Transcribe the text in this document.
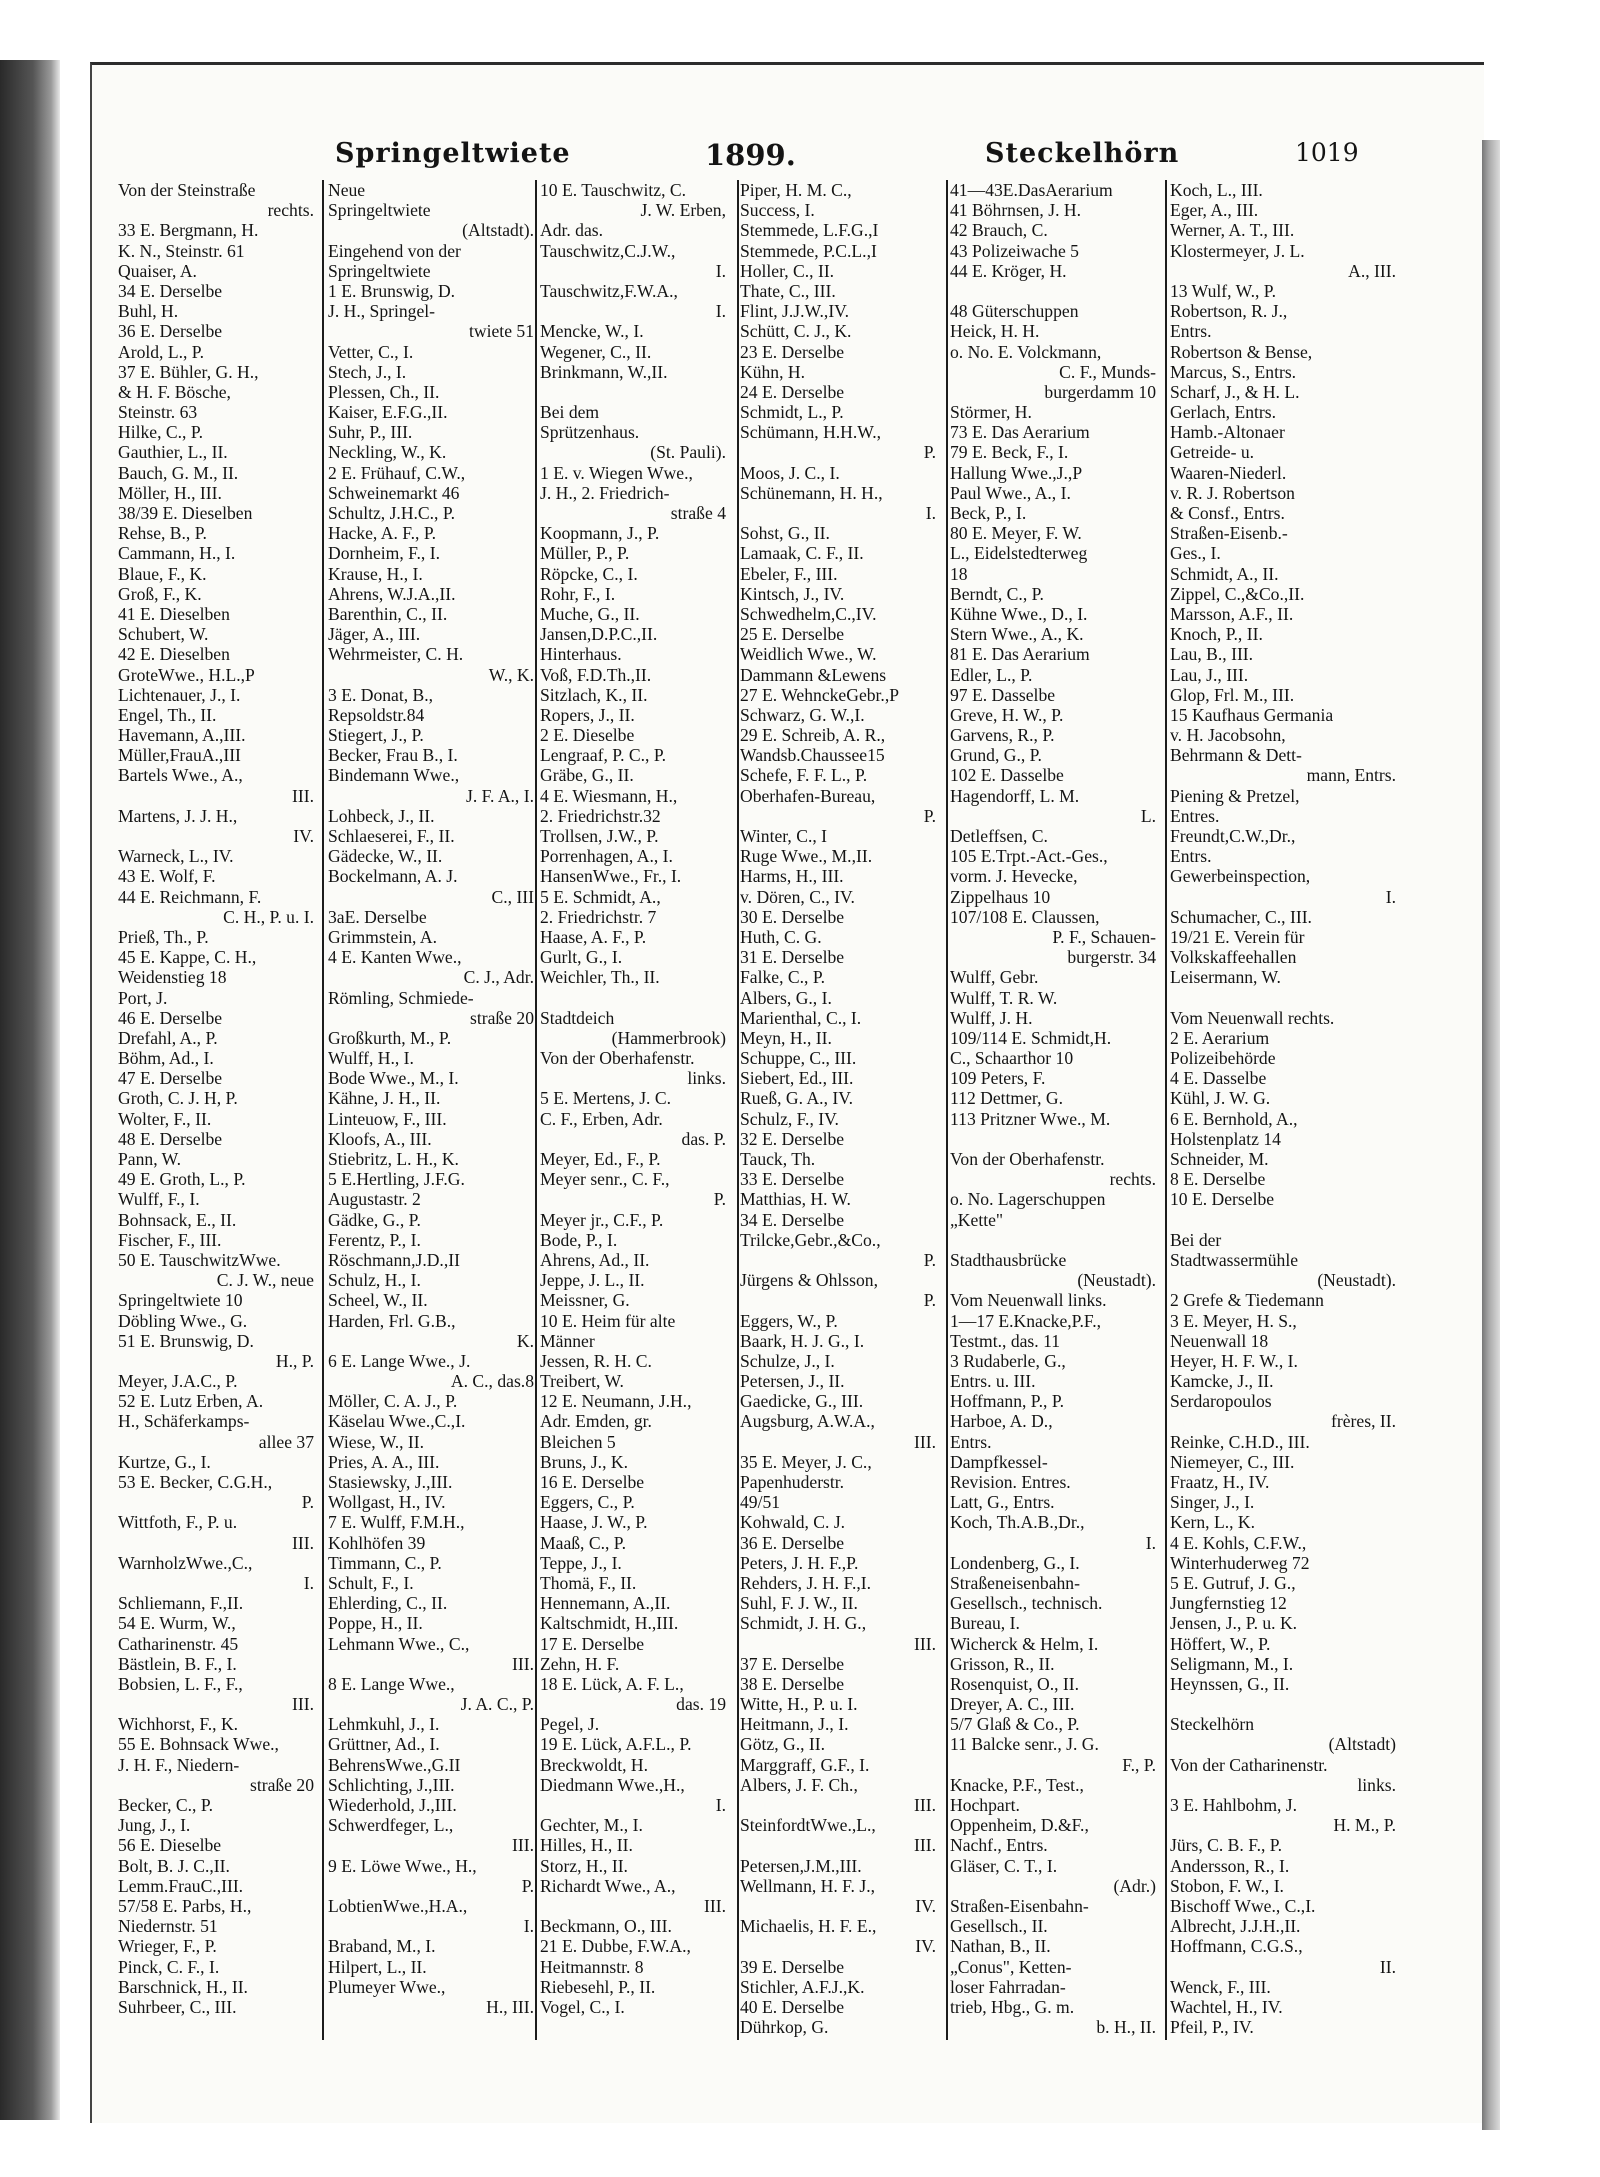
Springeltwiete	1899.	Steckelhörn	1019
Von der Steinstraße
rechts.
33 E. Bergmann, H.
K. N., Steinstr. 61
Quaiser, A.
34 E. Derselbe
Buhl, H.
36 E. Derselbe
Arold, L., P.
37 E. Bühler, G. H.,
& H. F. Bösche,
Steinstr. 63
Hilke, C., P.
Gauthier, L., II.
Bauch, G. M., II.
Möller, H., III.
38/39 E. Dieselben
Rehse, B., P.
Cammann, H., I.
Blaue, F., K.
Groß, F., K.
41 E. Dieselben
Schubert, W.
42 E. Dieselben
GroteWwe., H.L.,P
Lichtenauer, J., I.
Engel, Th., II.
Havemann, A.,III.
Müller,FrauA.,III
Bartels Wwe., A.,
III.
Martens, J. J. H.,
IV.
Warneck, L., IV.
43 E. Wolf, F.
44 E. Reichmann, F.
C. H., P. u. I.
Prieß, Th., P.
45 E. Kappe, C. H.,
Weidenstieg 18
Port, J.
46 E. Derselbe
Drefahl, A., P.
Böhm, Ad., I.
47 E. Derselbe
Groth, C. J. H, P.
Wolter, F., II.
48 E. Derselbe
Pann, W.
49 E. Groth, L., P.
Wulff, F., I.
Bohnsack, E., II.
Fischer, F., III.
50 E. TauschwitzWwe.
C. J. W., neue
Springeltwiete 10
Döbling Wwe., G.
51 E. Brunswig, D.
H., P.
Meyer, J.A.C., P.
52 E. Lutz Erben, A.
H., Schäferkamps-
allee 37
Kurtze, G., I.
53 E. Becker, C.G.H.,
P.
Wittfoth, F., P. u.
III.
WarnholzWwe.,C.,
I.
Schliemann, F.,II.
54 E. Wurm, W.,
Catharinenstr. 45
Bästlein, B. F., I.
Bobsien, L. F., F.,
III.
Wichhorst, F., K.
55 E. Bohnsack Wwe.,
J. H. F., Niedern-
straße 20
Becker, C., P.
Jung, J., I.
56 E. Dieselbe
Bolt, B. J. C.,II.
Lemm.FrauC.,III.
57/58 E. Parbs, H.,
Niedernstr. 51
Wrieger, F., P.
Pinck, C. F., I.
Barschnick, H., II.
Suhrbeer, C., III.
Neue
Springeltwiete
(Altstadt).
Eingehend von der
Springeltwiete
1 E. Brunswig, D.
J. H., Springel-
twiete 51
Vetter, C., I.
Stech, J., I.
Plessen, Ch., II.
Kaiser, E.F.G.,II.
Suhr, P., III.
Neckling, W., K.
2 E. Frühauf, C.W.,
Schweinemarkt 46
Schultz, J.H.C., P.
Hacke, A. F., P.
Dornheim, F., I.
Krause, H., I.
Ahrens, W.J.A.,II.
Barenthin, C., II.
Jäger, A., III.
Wehrmeister, C. H.
W., K.
3 E. Donat, B.,
Repsoldstr.84
Stiegert, J., P.
Becker, Frau B., I.
Bindemann Wwe.,
J. F. A., I.
Lohbeck, J., II.
Schlaeserei, F., II.
Gädecke, W., II.
Bockelmann, A. J.
C., III
3aE. Derselbe
Grimmstein, A.
4 E. Kanten Wwe.,
C. J., Adr.
Römling, Schmiede-
straße 20
Großkurth, M., P.
Wulff, H., I.
Bode Wwe., M., I.
Kähne, J. H., II.
Linteuow, F., III.
Kloofs, A., III.
Stiebritz, L. H., K.
5 E.Hertling, J.F.G.
Augustastr. 2
Gädke, G., P.
Ferentz, P., I.
Röschmann,J.D.,II
Schulz, H., I.
Scheel, W., II.
Harden, Frl. G.B.,
K.
6 E. Lange Wwe., J.
A. C., das.8
Möller, C. A. J., P.
Käselau Wwe.,C.,I.
Wiese, W., II.
Pries, A. A., III.
Stasiewsky, J.,III.
Wollgast, H., IV.
7 E. Wulff, F.M.H.,
Kohlhöfen 39
Timmann, C., P.
Schult, F., I.
Ehlerding, C., II.
Poppe, H., II.
Lehmann Wwe., C.,
III.
8 E. Lange Wwe.,
J. A. C., P.
Lehmkuhl, J., I.
Grüttner, Ad., I.
BehrensWwe.,G.II
Schlichting, J.,III.
Wiederhold, J.,III.
Schwerdfeger, L.,
III.
9 E. Löwe Wwe., H.,
P.
LobtienWwe.,H.A.,
I.
Braband, M., I.
Hilpert, L., II.
Plumeyer Wwe.,
H., III.
10 E. Tauschwitz, C.
J. W. Erben,
Adr. das.
Tauschwitz,C.J.W.,
I.
Tauschwitz,F.W.A.,
I.
Mencke, W., I.
Wegener, C., II.
Brinkmann, W.,II.
Bei dem
Sprützenhaus.
(St. Pauli).
1 E. v. Wiegen Wwe.,
J. H., 2. Friedrich-
straße 4
Koopmann, J., P.
Müller, P., P.
Röpcke, C., I.
Rohr, F., I.
Muche, G., II.
Jansen,D.P.C.,II.
Hinterhaus.
Voß, F.D.Th.,II.
Sitzlach, K., II.
Ropers, J., II.
2 E. Dieselbe
Lengraaf, P. C., P.
Gräbe, G., II.
4 E. Wiesmann, H.,
2. Friedrichstr.32
Trollsen, J.W., P.
Porrenhagen, A., I.
HansenWwe., Fr., I.
5 E. Schmidt, A.,
2. Friedrichstr. 7
Haase, A. F., P.
Gurlt, G., I.
Weichler, Th., II.
Stadtdeich
(Hammerbrook)
Von der Oberhafenstr.
links.
5 E. Mertens, J. C.
C. F., Erben, Adr.
das. P.
Meyer, Ed., F., P.
Meyer senr., C. F.,
P.
Meyer jr., C.F., P.
Bode, P., I.
Ahrens, Ad., II.
Jeppe, J. L., II.
Meissner, G.
10 E. Heim für alte
Männer
Jessen, R. H. C.
Treibert, W.
12 E. Neumann, J.H.,
Adr. Emden, gr.
Bleichen 5
Bruns, J., K.
16 E. Derselbe
Eggers, C., P.
Haase, J. W., P.
Maaß, C., P.
Teppe, J., I.
Thomä, F., II.
Hennemann, A.,II.
Kaltschmidt, H.,III.
17 E. Derselbe
Zehn, H. F.
18 E. Lück, A. F. L.,
das. 19
Pegel, J.
19 E. Lück, A.F.L., P.
Breckwoldt, H.
Diedmann Wwe.,H.,
I.
Gechter, M., I.
Hilles, H., II.
Storz, H., II.
Richardt Wwe., A.,
III.
Beckmann, O., III.
21 E. Dubbe, F.W.A.,
Heitmannstr. 8
Riebesehl, P., II.
Vogel, C., I.
Piper, H. M. C.,
Success, I.
Stemmede, L.F.G.,I
Stemmede, P.C.L.,I
Holler, C., II.
Thate, C., III.
Flint, J.J.W.,IV.
Schütt, C. J., K.
23 E. Derselbe
Kühn, H.
24 E. Derselbe
Schmidt, L., P.
Schümann, H.H.W.,
P.
Moos, J. C., I.
Schünemann, H. H.,
I.
Sohst, G., II.
Lamaak, C. F., II.
Ebeler, F., III.
Kintsch, J., IV.
Schwedhelm,C.,IV.
25 E. Derselbe
Weidlich Wwe., W.
Dammann &Lewens
27 E. WehnckeGebr.,P
Schwarz, G. W.,I.
29 E. Schreib, A. R.,
Wandsb.Chaussee15
Schefe, F. F. L., P.
Oberhafen-Bureau,
P.
Winter, C., I
Ruge Wwe., M.,II.
Harms, H., III.
v. Dören, C., IV.
30 E. Derselbe
Huth, C. G.
31 E. Derselbe
Falke, C., P.
Albers, G., I.
Marienthal, C., I.
Meyn, H., II.
Schuppe, C., III.
Siebert, Ed., III.
Rueß, G. A., IV.
Schulz, F., IV.
32 E. Derselbe
Tauck, Th.
33 E. Derselbe
Matthias, H. W.
34 E. Derselbe
Trilcke,Gebr.,&Co.,
P.
Jürgens & Ohlsson,
P.
Eggers, W., P.
Baark, H. J. G., I.
Schulze, J., I.
Petersen, J., II.
Gaedicke, G., III.
Augsburg, A.W.A.,
III.
35 E. Meyer, J. C.,
Papenhuderstr.
49/51
Kohwald, C. J.
36 E. Derselbe
Peters, J. H. F.,P.
Rehders, J. H. F.,I.
Suhl, F. J. W., II.
Schmidt, J. H. G.,
III.
37 E. Derselbe
38 E. Derselbe
Witte, H., P. u. I.
Heitmann, J., I.
Götz, G., II.
Marggraff, G.F., I.
Albers, J. F. Ch.,
III.
SteinfordtWwe.,L.,
III.
Petersen,J.M.,III.
Wellmann, H. F. J.,
IV.
Michaelis, H. F. E.,
IV.
39 E. Derselbe
Stichler, A.F.J.,K.
40 E. Derselbe
Dührkop, G.
41—43E.DasAerarium
41 Böhrnsen, J. H.
42 Brauch, C.
43 Polizeiwache 5
44 E. Kröger, H.
48 Güterschuppen
Heick, H. H.
o. No. E. Volckmann,
C. F., Munds-
burgerdamm 10
Störmer, H.
73 E. Das Aerarium
79 E. Beck, F., I.
Hallung Wwe.,J.,P
Paul Wwe., A., I.
Beck, P., I.
80 E. Meyer, F. W.
L., Eidelstedterweg
18
Berndt, C., P.
Kühne Wwe., D., I.
Stern Wwe., A., K.
81 E. Das Aerarium
Edler, L., P.
97 E. Dasselbe
Greve, H. W., P.
Garvens, R., P.
Grund, G., P.
102 E. Dasselbe
Hagendorff, L. M.
L.
Detleffsen, C.
105 E.Trpt.-Act.-Ges.,
vorm. J. Hevecke,
Zippelhaus 10
107/108 E. Claussen,
P. F., Schauen-
burgerstr. 34
Wulff, Gebr.
Wulff, T. R. W.
Wulff, J. H.
109/114 E. Schmidt,H.
C., Schaarthor 10
109 Peters, F.
112 Dettmer, G.
113 Pritzner Wwe., M.
Von der Oberhafenstr.
rechts.
o. No. Lagerschuppen
„Kette"
Stadthausbrücke
(Neustadt).
Vom Neuenwall links.
1—17 E.Knacke,P.F.,
Testmt., das. 11
3 Rudaberle, G.,
Entrs. u. III.
Hoffmann, P., P.
Harboe, A. D.,
Entrs.
Dampfkessel-
Revision. Entres.
Latt, G., Entrs.
Koch, Th.A.B.,Dr.,
I.
Londenberg, G., I.
Straßeneisenbahn-
Gesellsch., technisch.
Bureau, I.
Wicherck & Helm, I.
Grisson, R., II.
Rosenquist, O., II.
Dreyer, A. C., III.
5/7 Glaß & Co., P.
11 Balcke senr., J. G.
F., P.
Knacke, P.F., Test.,
Hochpart.
Oppenheim, D.&F.,
Nachf., Entrs.
Gläser, C. T., I.
(Adr.)
Straßen-Eisenbahn-
Gesellsch., II.
Nathan, B., II.
„Conus", Ketten-
loser Fahrradan-
trieb, Hbg., G. m.
b. H., II.
Koch, L., III.
Eger, A., III.
Werner, A. T., III.
Klostermeyer, J. L.
A., III.
13 Wulf, W., P.
Robertson, R. J.,
Entrs.
Robertson & Bense,
Marcus, S., Entrs.
Scharf, J., & H. L.
Gerlach, Entrs.
Hamb.-Altonaer
Getreide- u.
Waaren-Niederl.
v. R. J. Robertson
& Consf., Entrs.
Straßen-Eisenb.-
Ges., I.
Schmidt, A., II.
Zippel, C.,&Co.,II.
Marsson, A.F., II.
Knoch, P., II.
Lau, B., III.
Lau, J., III.
Glop, Frl. M., III.
15 Kaufhaus Germania
v. H. Jacobsohn,
Behrmann & Dett-
mann, Entrs.
Piening & Pretzel,
Entres.
Freundt,C.W.,Dr.,
Entrs.
Gewerbeinspection,
I.
Schumacher, C., III.
19/21 E. Verein für
Volkskaffeehallen
Leisermann, W.
Vom Neuenwall rechts.
2 E. Aerarium
Polizeibehörde
4 E. Dasselbe
Kühl, J. W. G.
6 E. Bernhold, A.,
Holstenplatz 14
Schneider, M.
8 E. Derselbe
10 E. Derselbe
Bei der
Stadtwassermühle
(Neustadt).
2 Grefe & Tiedemann
3 E. Meyer, H. S.,
Neuenwall 18
Heyer, H. F. W., I.
Kamcke, J., II.
Serdaropoulos
frères, II.
Reinke, C.H.D., III.
Niemeyer, C., III.
Fraatz, H., IV.
Singer, J., I.
Kern, L., K.
4 E. Kohls, C.F.W.,
Winterhuderweg 72
5 E. Gutruf, J. G.,
Jungfernstieg 12
Jensen, J., P. u. K.
Höffert, W., P.
Seligmann, M., I.
Heynssen, G., II.
Steckelhörn
(Altstadt)
Von der Catharinenstr.
links.
3 E. Hahlbohm, J.
H. M., P.
Jürs, C. B. F., P.
Andersson, R., I.
Stobon, F. W., I.
Bischoff Wwe., C.,I.
Albrecht, J.J.H.,II.
Hoffmann, C.G.S.,
II.
Wenck, F., III.
Wachtel, H., IV.
Pfeil, P., IV.
